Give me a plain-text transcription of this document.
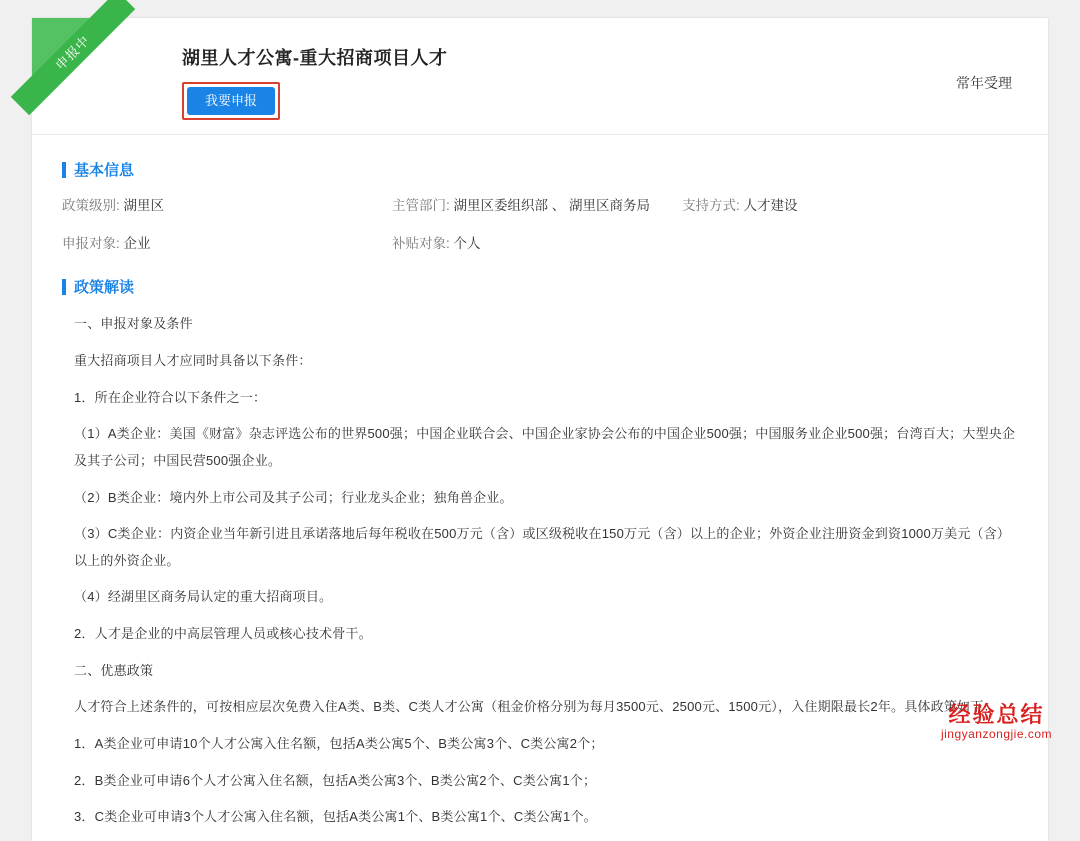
申报中	湖里人才公寓-重大招商项目人才
我要申报
常年受理
基本信息
政策级别: 湖里区	主管部门: 湖里区委组织部 、 湖里区商务局	支持方式: 人才建设
申报对象: 企业	补贴对象: 个人
政策解读

一、申报对象及条件

重大招商项目人才应同时具备以下条件：

1．所在企业符合以下条件之一：

（1）A类企业：美国《财富》杂志评选公布的世界500强；中国企业联合会、中国企业家协会公布的中国企业500强；中国服务业企业500强；台湾百大；大型央企及其子公司；中国民营500强企业。

（2）B类企业：境内外上市公司及其子公司；行业龙头企业；独角兽企业。

（3）C类企业：内资企业当年新引进且承诺落地后每年税收在500万元（含）或区级税收在150万元（含）以上的企业；外资企业注册资金到资1000万美元（含）以上的外资企业。

（4）经湖里区商务局认定的重大招商项目。

2．人才是企业的中高层管理人员或核心技术骨干。

二、优惠政策

人才符合上述条件的，可按相应层次免费入住A类、B类、C类人才公寓（租金价格分别为每月3500元、2500元、1500元），入住期限最长2年。具体政策如下：

1．A类企业可申请10个人才公寓入住名额，包括A类公寓5个、B类公寓3个、C类公寓2个；

2．B类企业可申请6个人才公寓入住名额，包括A类公寓3个、B类公寓2个、C类公寓1个；

3．C类企业可申请3个人才公寓入住名额，包括A类公寓1个、B类公寓1个、C类公寓1个。

经验总结
jingyanzongjie.com
